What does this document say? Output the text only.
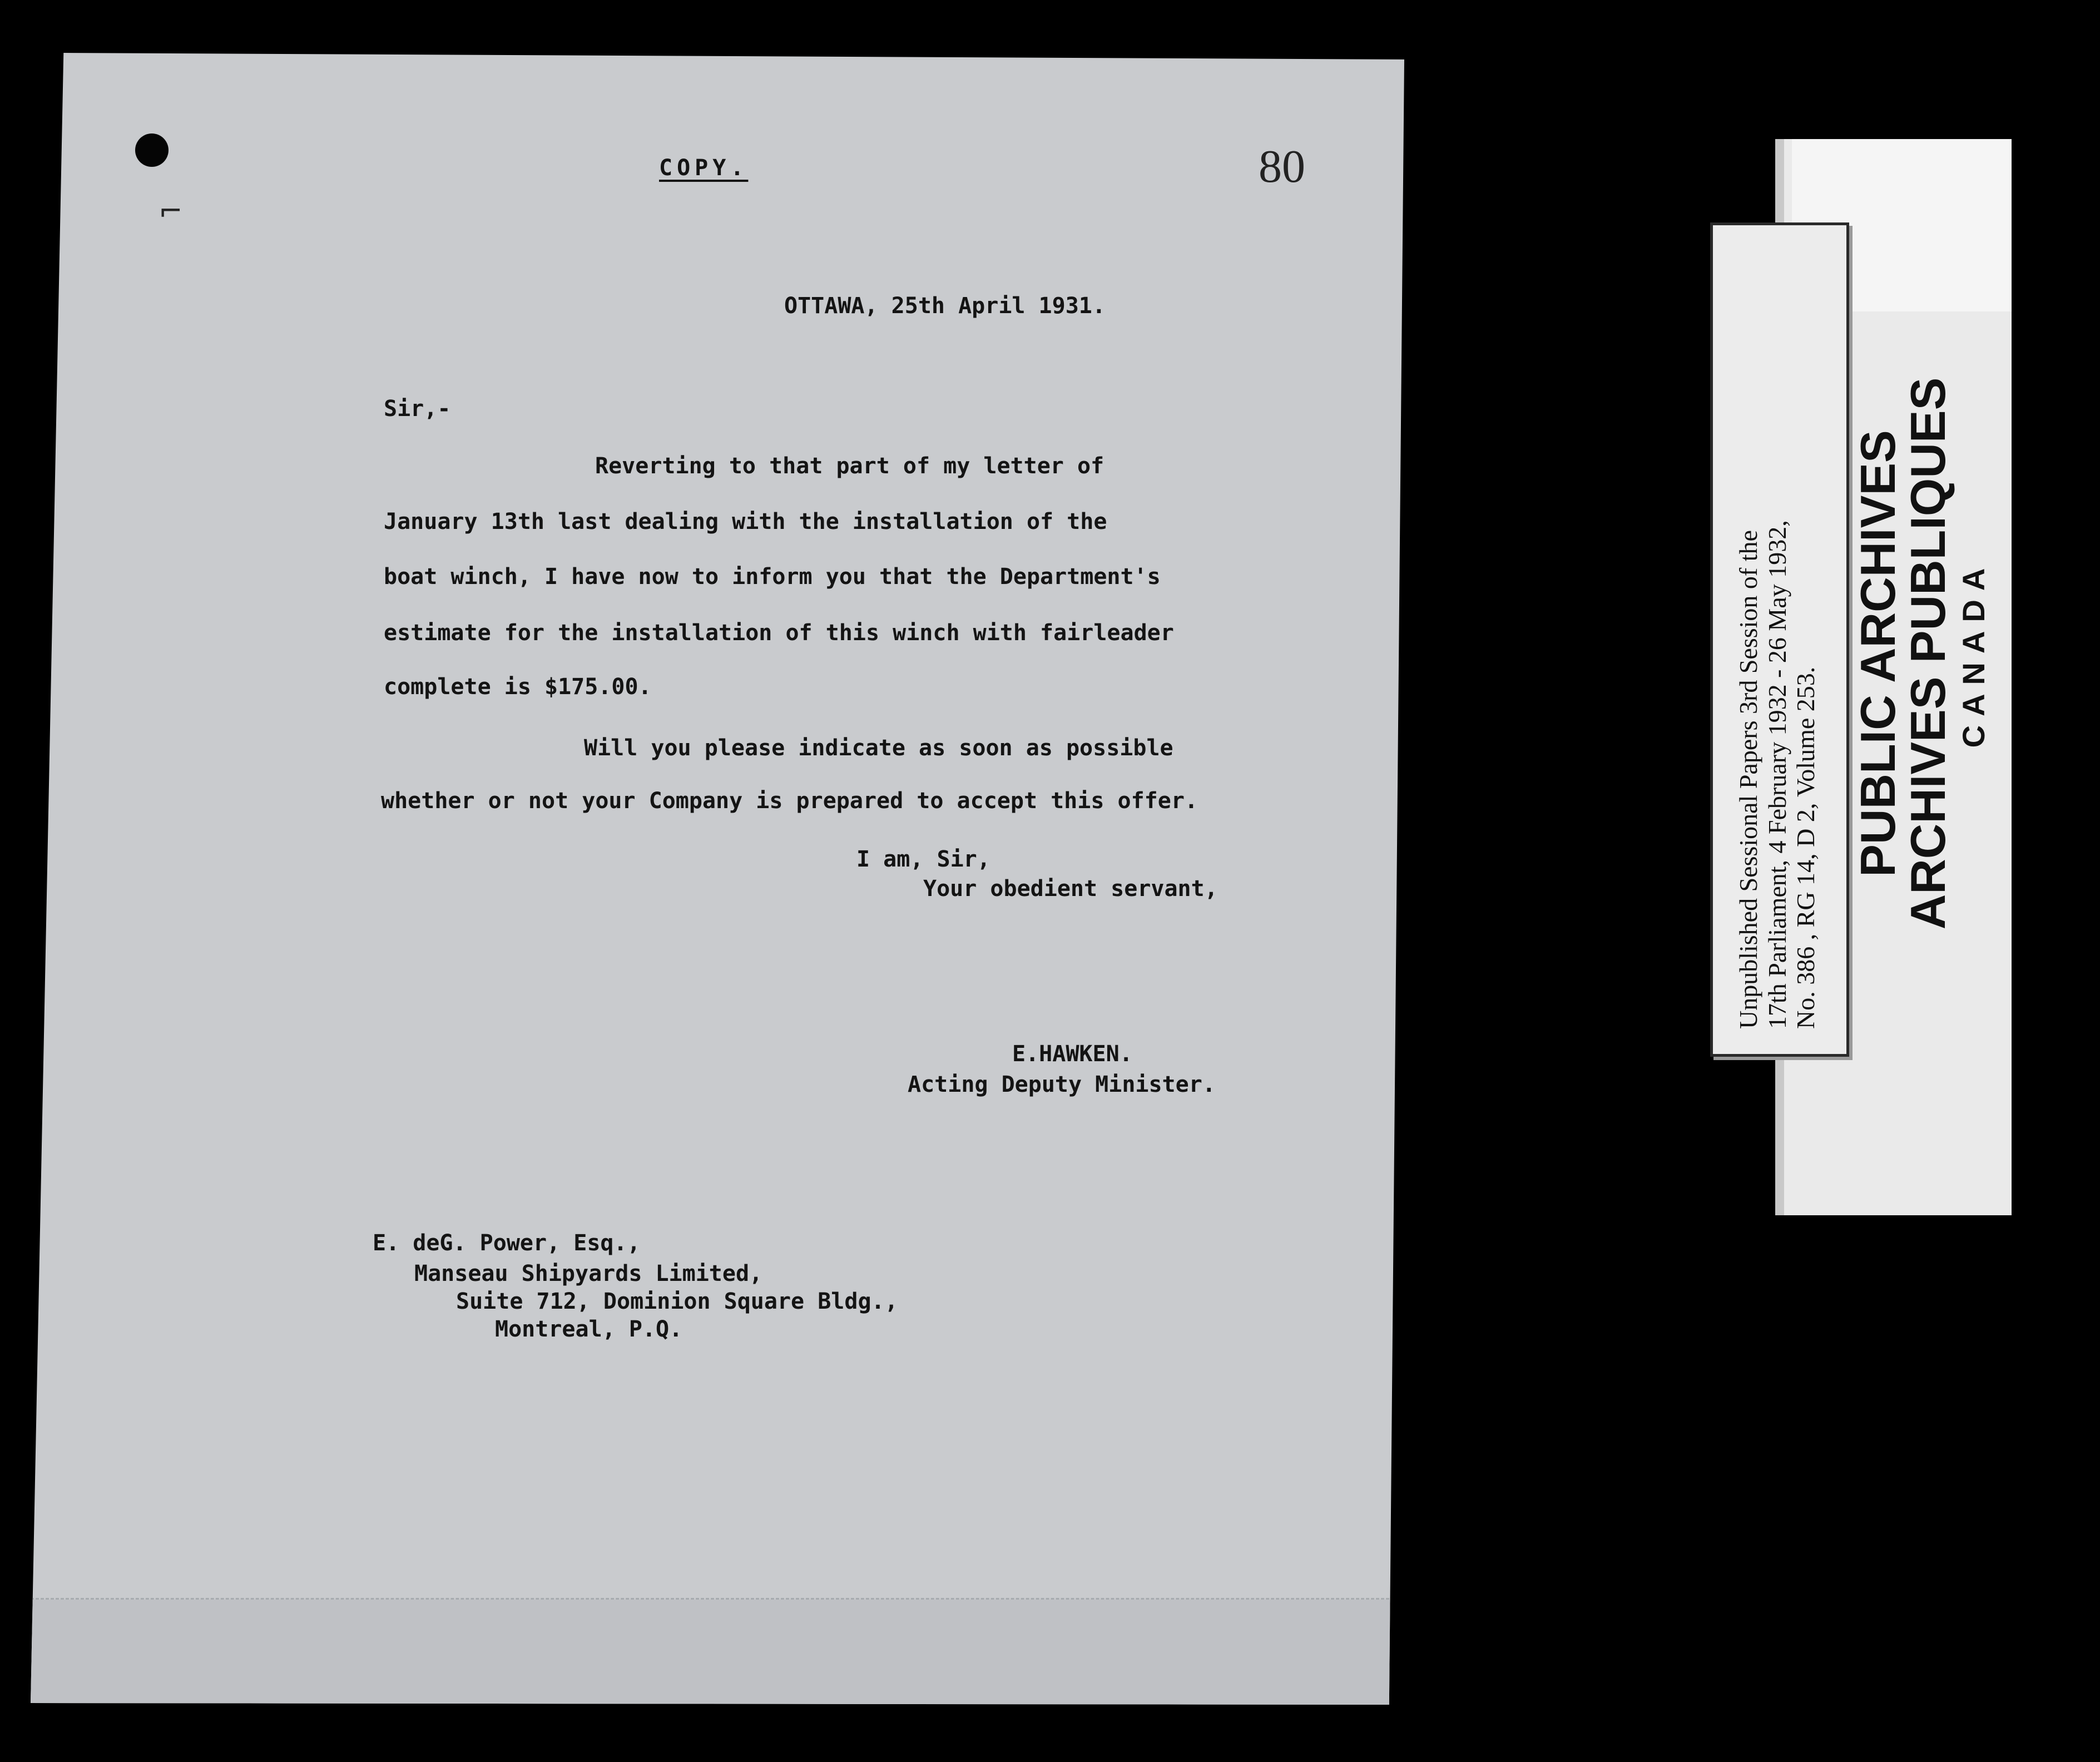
⌐
COPY.	80
OTTAWA, 25th April 1931.
Sir,-
Reverting to that part of my letter of
January 13th last dealing with the installation of the
boat winch, I have now to inform you that the Department's
estimate for the installation of this winch with fairleader
complete is $175.00.
Will you please indicate as soon as possible
whether or not your Company is prepared to accept this offer.
I am, Sir,
Your obedient servant,
E.HAWKEN.
Acting Deputy Minister.
E. deG. Power, Esq.,
Manseau Shipyards Limited,
Suite 712, Dominion Square Bldg.,
Montreal, P.Q.
PUBLIC ARCHIVES
ARCHIVES PUBLIQUES CANADA
Unpublished Sessional Papers 3rd Session of the 17th Parliament, 4 February 1932 - 26 May 1932, No. 386 , RG 14, D 2, Volume 253.
